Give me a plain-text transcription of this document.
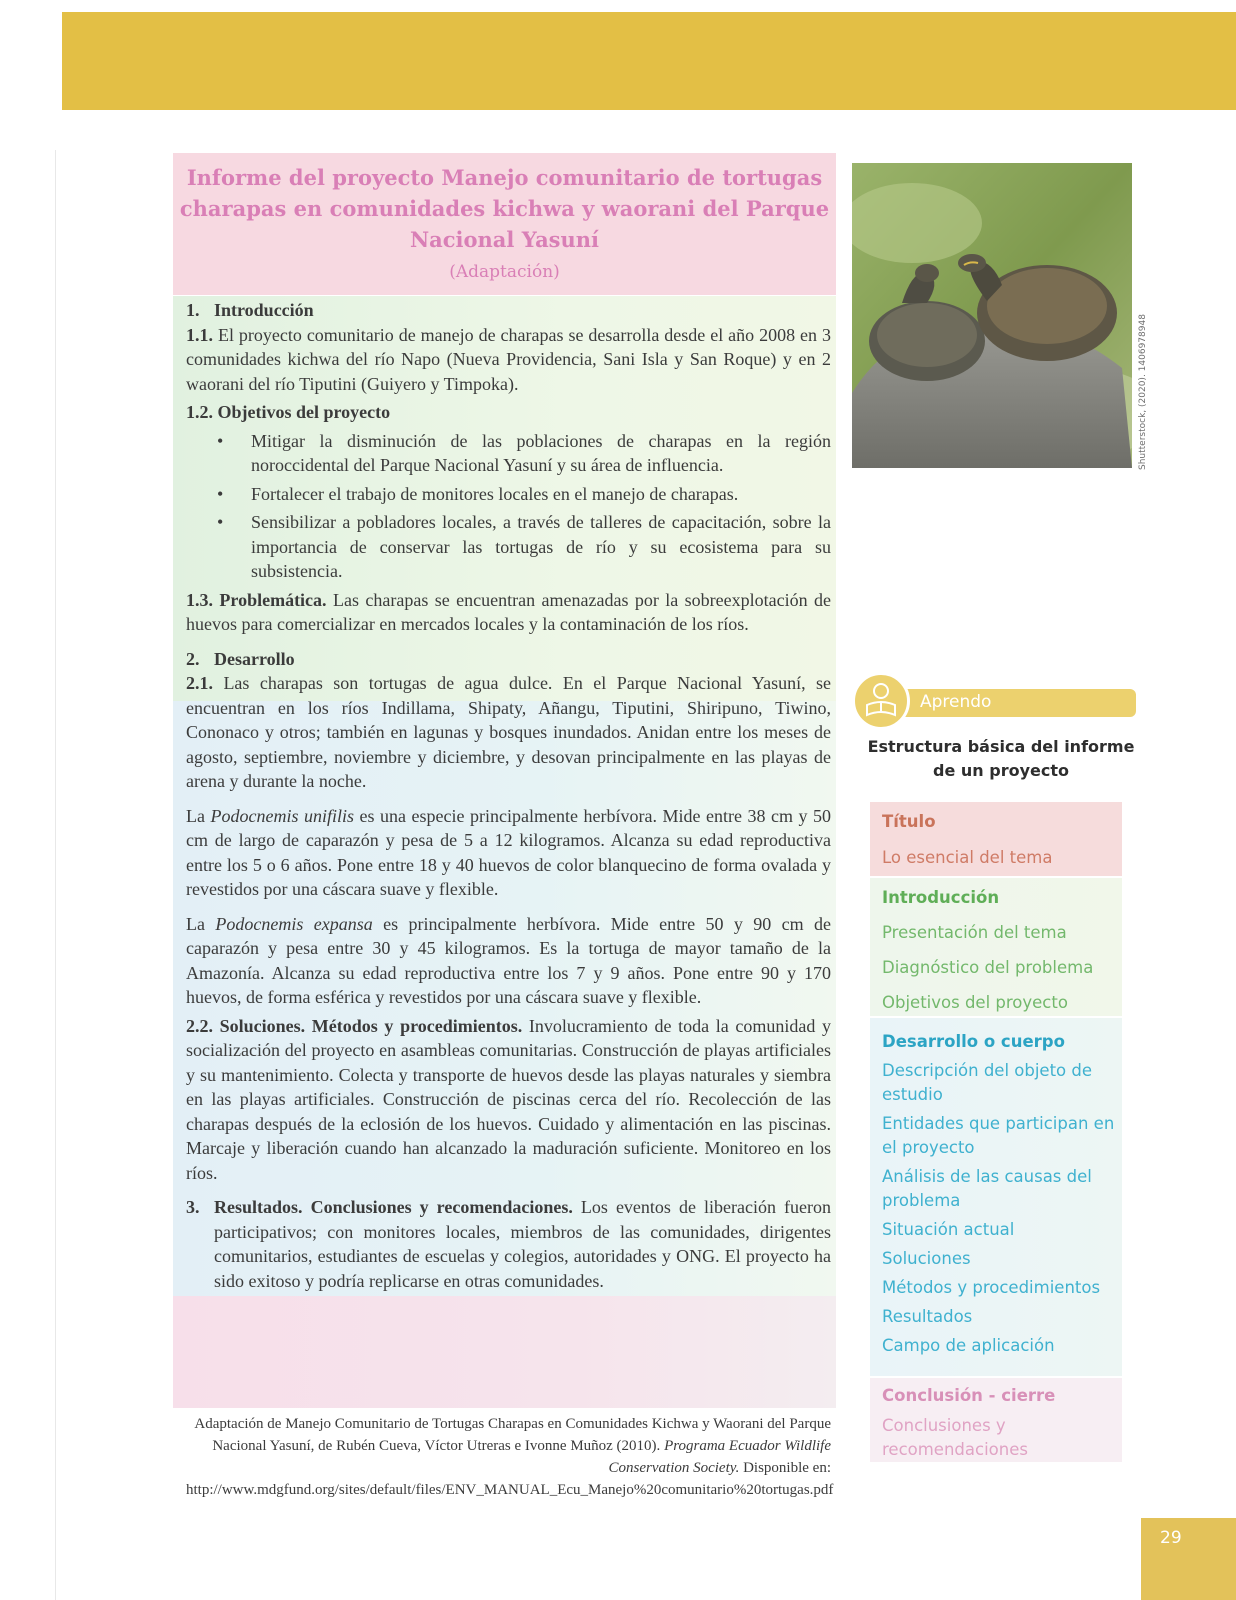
Informe del proyecto Manejo comunitario de tortugas charapas en comunidades kichwa y waorani del Parque Nacional Yasuní
(Adaptación)
1. Introducción

1.1. El proyecto comunitario de manejo de charapas se desarrolla desde el año 2008 en 3 comunidades kichwa del río Napo (Nueva Providencia, Sani Isla y San Roque) y en 2 waorani del río Tiputini (Guiyero y Timpoka).

1.2. Objetivos del proyecto

•	Mitigar la disminución de las poblaciones de charapas en la región noroccidental del Parque Nacional Yasuní y su área de influencia.

•	Fortalecer el trabajo de monitores locales en el manejo de charapas.

•	Sensibilizar a pobladores locales, a través de talleres de capacitación, sobre la importancia de conservar las tortugas de río y su ecosistema para su subsistencia.

1.3. Problemática. Las charapas se encuentran amenazadas por la sobreexplotación de huevos para comercializar en mercados locales y la contaminación de los ríos.

2. Desarrollo

2.1. Las charapas son tortugas de agua dulce. En el Parque Nacional Yasuní, se encuentran en los ríos Indillama, Shipaty, Añangu, Tiputini, Shiripuno, Tiwino, Cononaco y otros; también en lagunas y bosques inundados. Anidan entre los meses de agosto, septiembre, noviembre y diciembre, y desovan principalmente en las playas de arena y durante la noche.

La Podocnemis unifilis es una especie principalmente herbívora. Mide entre 38 cm y 50 cm de largo de caparazón y pesa de 5 a 12 kilogramos. Alcanza su edad reproductiva entre los 5 o 6 años. Pone entre 18 y 40 huevos de color blanquecino de forma ovalada y revestidos por una cáscara suave y flexible.

La Podocnemis expansa es principalmente herbívora. Mide entre 50 y 90 cm de caparazón y pesa entre 30 y 45 kilogramos. Es la tortuga de mayor tamaño de la Amazonía. Alcanza su edad reproductiva entre los 7 y 9 años. Pone entre 90 y 170 huevos, de forma esférica y revestidos por una cáscara suave y flexible.

2.2. Soluciones. Métodos y procedimientos. Involucramiento de toda la comunidad y socialización del proyecto en asambleas comunitarias. Construcción de playas artificiales y su mantenimiento. Colecta y transporte de huevos desde las playas naturales y siembra en las playas artificiales. Construcción de piscinas cerca del río. Recolección de las charapas después de la eclosión de los huevos. Cuidado y alimentación en las piscinas. Marcaje y liberación cuando han alcanzado la maduración suficiente. Monitoreo en los ríos.

3. Resultados. Conclusiones y recomendaciones. Los eventos de liberación fueron participativos; con monitores locales, miembros de las comunidades, dirigentes comunitarios, estudiantes de escuelas y colegios, autoridades y ONG. El proyecto ha sido exitoso y podría replicarse en otras comunidades.

Adaptación de Manejo Comunitario de Tortugas Charapas en Comunidades Kichwa y Waorani del Parque Nacional Yasuní, de Rubén Cueva, Víctor Utreras e Ivonne Muñoz (2010). Programa Ecuador Wildlife Conservation Society. Disponible en: http://www.mdgfund.org/sites/default/files/ENV_MANUAL_Ecu_Manejo%20comunitario%20tortugas.pdf
Shutterstock, (2020). 1406978948
Aprendo
Estructura básica del informe de un proyecto
Título
Lo esencial del tema
Introducción
Presentación del tema
Diagnóstico del problema
Objetivos del proyecto
Desarrollo o cuerpo
Descripción del objeto de estudio
Entidades que participan en el proyecto
Análisis de las causas del problema
Situación actual
Soluciones
Métodos y procedimientos
Resultados
Campo de aplicación
Conclusión - cierre
Conclusiones y recomendaciones
29
